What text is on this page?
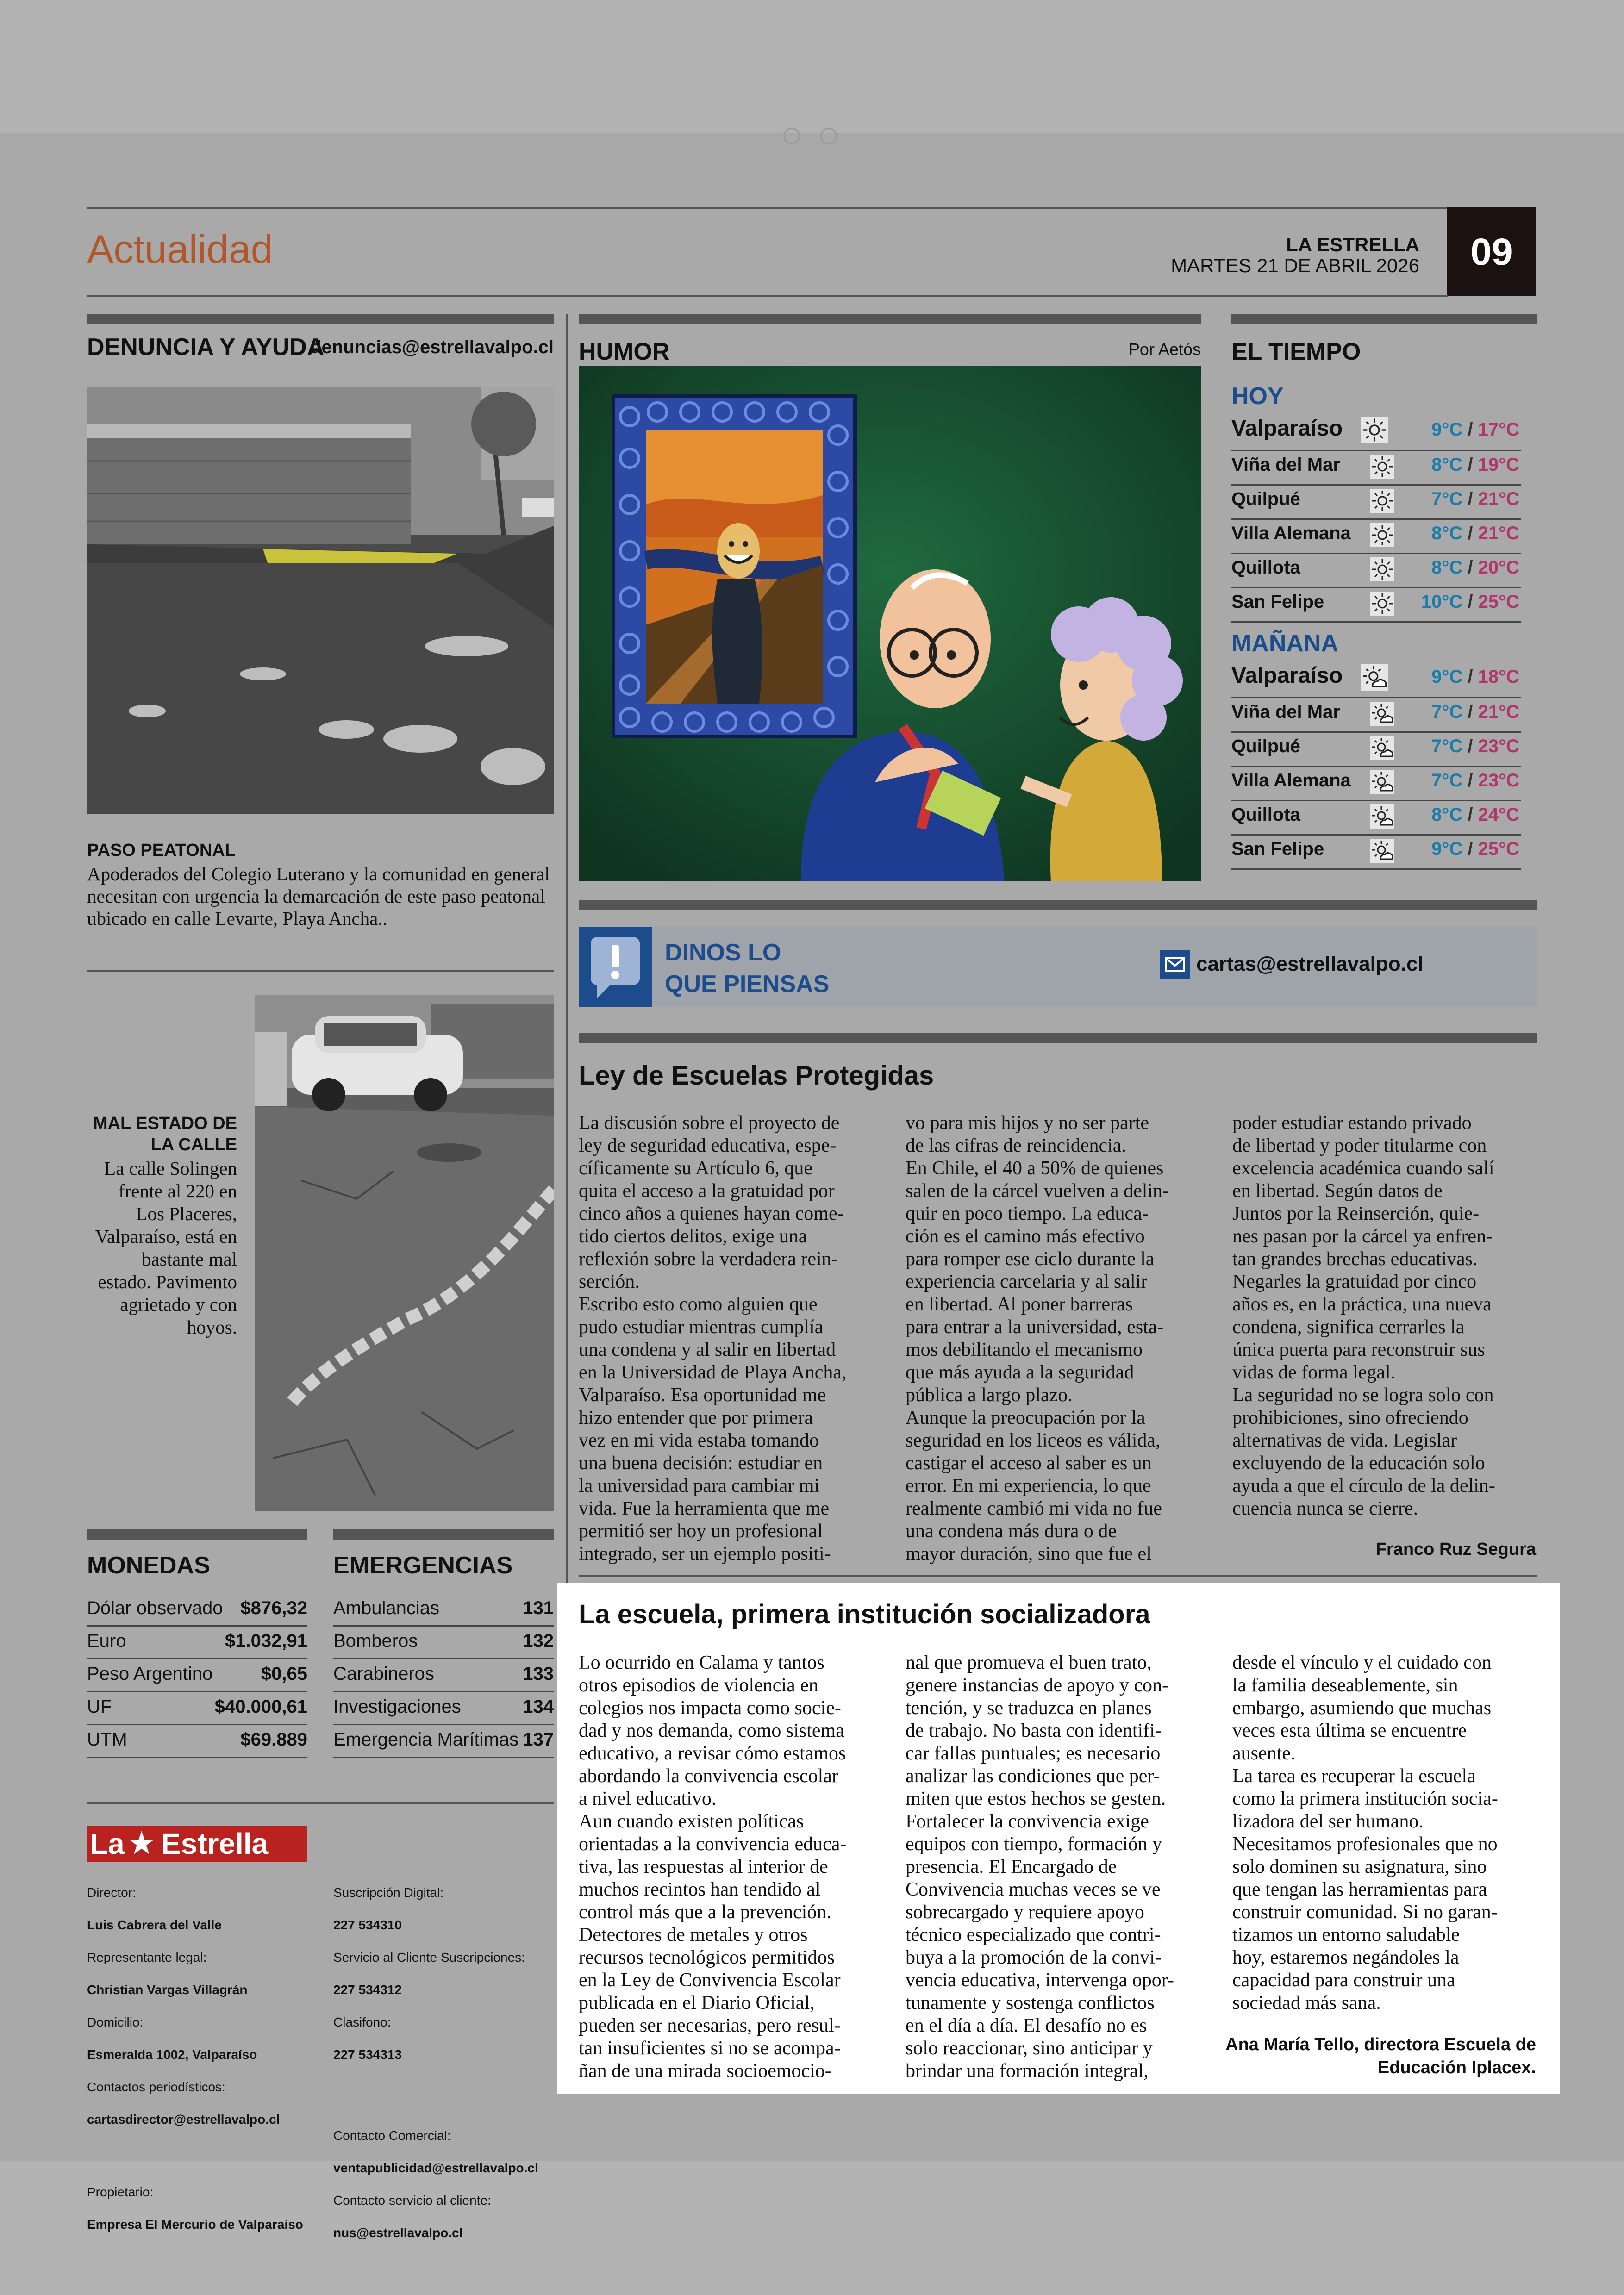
Actualidad	LA ESTRELLA
MARTES 21 DE ABRIL 2026	09
DENUNCIA Y AYUDA
denuncias@estrellavalpo.cl
PASO PEATONAL
Apoderados del Colegio Luterano y la comunidad en general necesitan con urgencia la demarcación de este paso peatonal ubicado en calle Levarte, Playa Ancha..
MAL ESTADO DE LA CALLE
La calle Solingen frente al 220 en Los Placeres, Valparaíso, está en bastante mal estado. Pavimento agrietado y con hoyos.
MONEDAS
Dólar observado $876,32
Euro	$1.032,91
Peso Argentino	$0,65
UF	$40.000,61
UTM	$69.889
EMERGENCIAS
Ambulancias	131
Bomberos	132
Carabineros	133
Investigaciones	134
Emergencia Marítimas 137
La ★ Estrella

Director:

Luis Cabrera del Valle

Representante legal:

Christian Vargas Villagrán

Domicilio:

Esmeralda 1002, Valparaíso

Contactos periodísticos:

cartasdirector@estrellavalpo.cl

Propietario:

Empresa El Mercurio de Valparaíso

Suscripción Digital:

227 534310

Servicio al Cliente Suscripciones:

227 534312

Clasifono:

227 534313

Contacto Comercial:

ventapublicidad@estrellavalpo.cl

Contacto servicio al cliente:

nus@estrellavalpo.cl

HUMOR	Por Aetós EL TIEMPO
HOY
Valparaíso	9°C / 17°C
Viña del Mar	8°C / 19°C
Quilpué	7°C / 21°C
Villa Alemana	8°C / 21°C
Quillota	8°C / 20°C
San Felipe	10°C / 25°C
MAÑANA
Valparaíso	9°C / 18°C
Viña del Mar	7°C / 21°C
Quilpué	7°C / 23°C
Villa Alemana	7°C / 23°C
Quillota	8°C / 24°C
San Felipe	9°C / 25°C
DINOS LO
QUE PIENSAS
cartas@estrellavalpo.cl
Ley de Escuelas Protegidas
La discusión sobre el proyecto de
ley de seguridad educativa, espe-
cíficamente su Artículo 6, que
quita el acceso a la gratuidad por
cinco años a quienes hayan come-
tido ciertos delitos, exige una
reflexión sobre la verdadera rein-
serción.
Escribo esto como alguien que
pudo estudiar mientras cumplía
una condena y al salir en libertad
en la Universidad de Playa Ancha,
Valparaíso. Esa oportunidad me
hizo entender que por primera
vez en mi vida estaba tomando
una buena decisión: estudiar en
la universidad para cambiar mi
vida. Fue la herramienta que me
permitió ser hoy un profesional
integrado, ser un ejemplo positi-
vo para mis hijos y no ser parte
de las cifras de reincidencia.
En Chile, el 40 a 50% de quienes
salen de la cárcel vuelven a delin-
quir en poco tiempo. La educa-
ción es el camino más efectivo
para romper ese ciclo durante la
experiencia carcelaria y al salir
en libertad. Al poner barreras
para entrar a la universidad, esta-
mos debilitando el mecanismo
que más ayuda a la seguridad
pública a largo plazo.
Aunque la preocupación por la
seguridad en los liceos es válida,
castigar el acceso al saber es un
error. En mi experiencia, lo que
realmente cambió mi vida no fue
una condena más dura o de
mayor duración, sino que fue el
poder estudiar estando privado
de libertad y poder titularme con
excelencia académica cuando salí
en libertad. Según datos de
Juntos por la Reinserción, quie-
nes pasan por la cárcel ya enfren-
tan grandes brechas educativas.
Negarles la gratuidad por cinco
años es, en la práctica, una nueva
condena, significa cerrarles la
única puerta para reconstruir sus
vidas de forma legal.
La seguridad no se logra solo con
prohibiciones, sino ofreciendo
alternativas de vida. Legislar
excluyendo de la educación solo
ayuda a que el círculo de la delin-
cuencia nunca se cierre.
Franco Ruz Segura
La escuela, primera institución socializadora
Lo ocurrido en Calama y tantos
otros episodios de violencia en
colegios nos impacta como socie-
dad y nos demanda, como sistema
educativo, a revisar cómo estamos
abordando la convivencia escolar
a nivel educativo.
Aun cuando existen políticas
orientadas a la convivencia educa-
tiva, las respuestas al interior de
muchos recintos han tendido al
control más que a la prevención.
Detectores de metales y otros
recursos tecnológicos permitidos
en la Ley de Convivencia Escolar
publicada en el Diario Oficial,
pueden ser necesarias, pero resul-
tan insuficientes si no se acompa-
ñan de una mirada socioemocio-
nal que promueva el buen trato,
genere instancias de apoyo y con-
tención, y se traduzca en planes
de trabajo. No basta con identifi-
car fallas puntuales; es necesario
analizar las condiciones que per-
miten que estos hechos se gesten.
Fortalecer la convivencia exige
equipos con tiempo, formación y
presencia. El Encargado de
Convivencia muchas veces se ve
sobrecargado y requiere apoyo
técnico especializado que contri-
buya a la promoción de la convi-
vencia educativa, intervenga opor-
tunamente y sostenga conflictos
en el día a día. El desafío no es
solo reaccionar, sino anticipar y
brindar una formación integral,
desde el vínculo y el cuidado con
la familia deseablemente, sin
embargo, asumiendo que muchas
veces esta última se encuentre
ausente.
La tarea es recuperar la escuela
como la primera institución socia-
lizadora del ser humano.
Necesitamos profesionales que no
solo dominen su asignatura, sino
que tengan las herramientas para
construir comunidad. Si no garan-
tizamos un entorno saludable
hoy, estaremos negándoles la
capacidad para construir una
sociedad más sana.
Ana María Tello, directora Escuela de
Educación Iplacex.
